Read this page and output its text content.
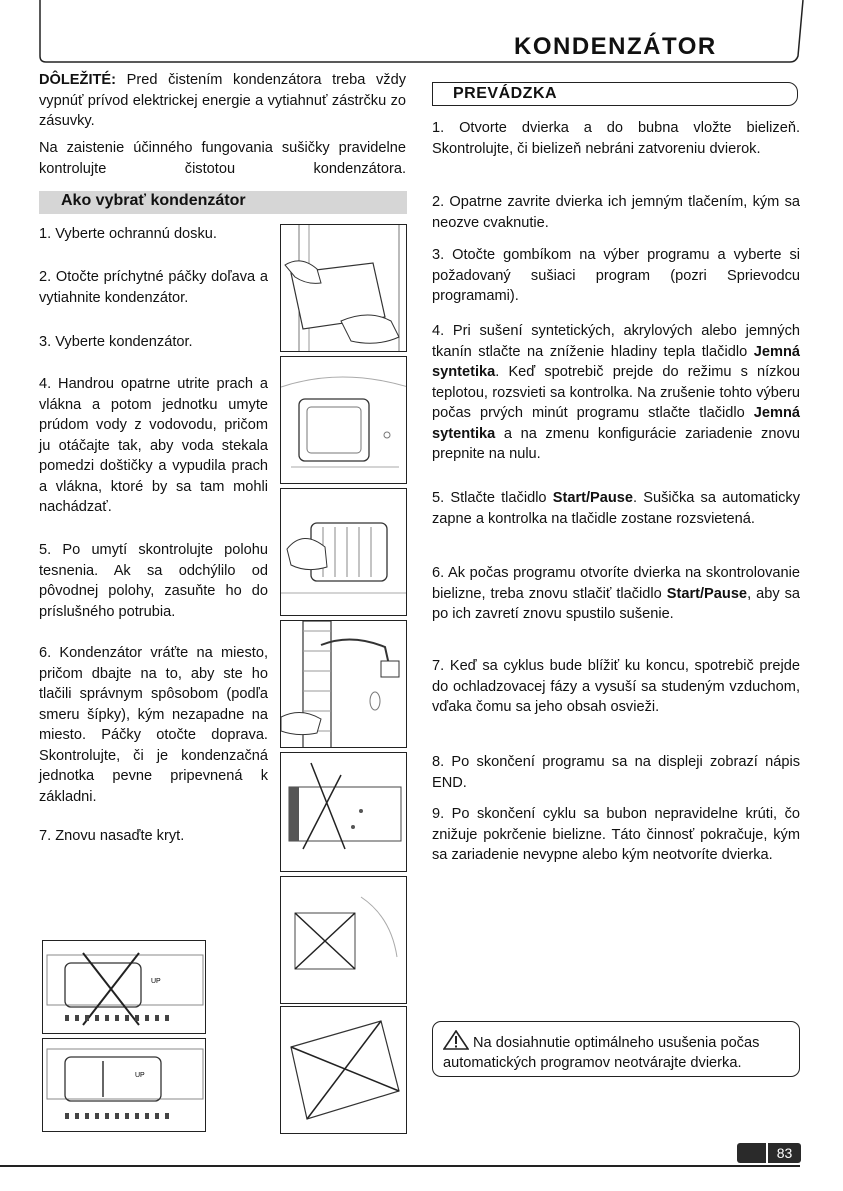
KONDENZÁTOR

DÔLEŽITÉ: Pred čistením kondenzátora treba vždy vypnúť prívod elektrickej energie a vytiahnuť zástrčku zo zásuvky.

Na zaistenie účinného fungovania sušičky pravidelne kontrolujte čistotou kondenzátora.

Ako vybrať kondenzátor

1. Vyberte ochrannú dosku.

2. Otočte príchytné páčky doľava a vytiahnite kondenzátor.

3. Vyberte kondenzátor.

4. Handrou opatrne utrite prach a vlákna a potom jednotku umyte prúdom vody z vodovodu, pričom ju otáčajte tak, aby voda stekala pomedzi doštičky a vypudila prach a vlákna, ktoré by sa tam mohli nachádzať.

5. Po umytí skontrolujte polohu tesnenia. Ak sa odchýlilo od pôvodnej polohy, zasuňte ho do príslušného potrubia.

6. Kondenzátor vráťte na miesto, pričom dbajte na to, aby ste ho tlačili správnym spôsobom (podľa smeru šípky), kým nezapadne na miesto. Páčky otočte doprava. Skontrolujte, či je kondenzačná jednotka pevne pripevnená k základni.

7. Znovu nasaďte kryt.

UP
UP
PREVÁDZKA

1. Otvorte dvierka a do bubna vložte bielizeň. Skontrolujte, či bielizeň nebráni zatvoreniu dvierok.

2. Opatrne zavrite dvierka ich jemným tlačením, kým sa neozve cvaknutie.

3. Otočte gombíkom na výber programu a vyberte si požadovaný sušiaci program (pozri Sprievodcu programami).

4. Pri sušení syntetických, akrylových alebo jemných tkanín stlačte na zníženie hladiny tepla tlačidlo Jemná syntetika. Keď spotrebič prejde do režimu s nízkou teplotou, rozsvieti sa kontrolka. Na zrušenie tohto výberu počas prvých minút programu stlačte tlačidlo Jemná sytentika a na zmenu konfigurácie zariadenie znovu prepnite na nulu.

5. Stlačte tlačidlo Start/Pause. Sušička sa automaticky zapne a kontrolka na tlačidle zostane rozsvietená.

6. Ak počas programu otvoríte dvierka na skontrolovanie bielizne, treba znovu stlačiť tlačidlo Start/Pause, aby sa po ich zavretí znovu spustilo sušenie.

7. Keď sa cyklus bude blížiť ku koncu, spotrebič prejde do ochladzovacej fázy a vysuší sa studeným vzduchom, vďaka čomu sa jeho obsah osvieži.

8. Po skončení programu sa na displeji zobrazí nápis END.

9. Po skončení cyklu sa bubon nepravidelne krúti, čo znižuje pokrčenie bielizne. Táto činnosť pokračuje, kým sa zariadenie nevypne alebo kým neotvoríte dvierka.

Na dosiahnutie optimálneho usušenia počas automatických programov neotvárajte dvierka.

83
